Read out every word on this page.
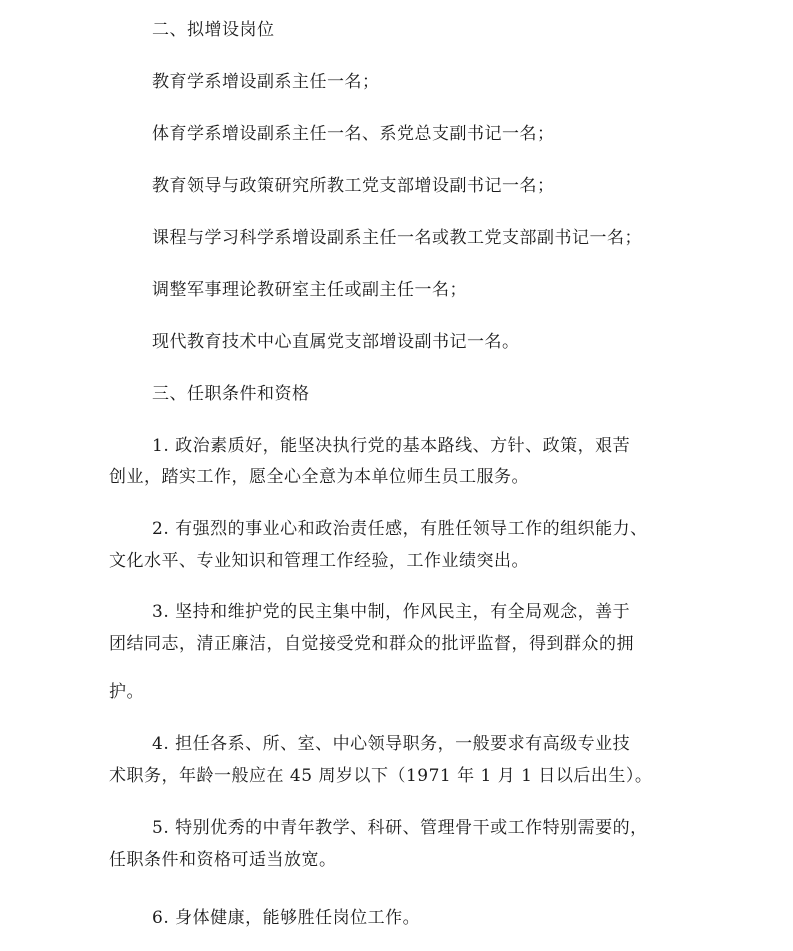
二、拟增设岗位
教育学系增设副系主任一名；
体育学系增设副系主任一名、系党总支副书记一名；
教育领导与政策研究所教工党支部增设副书记一名；
课程与学习科学系增设副系主任一名或教工党支部副书记一名；
调整军事理论教研室主任或副主任一名；
现代教育技术中心直属党支部增设副书记一名。
三、任职条件和资格
1. 政治素质好，能坚决执行党的基本路线、方针、政策，艰苦
创业，踏实工作，愿全心全意为本单位师生员工服务。
2. 有强烈的事业心和政治责任感，有胜任领导工作的组织能力、
文化水平、专业知识和管理工作经验，工作业绩突出。
3. 坚持和维护党的民主集中制，作风民主，有全局观念，善于
团结同志，清正廉洁，自觉接受党和群众的批评监督，得到群众的拥
护。
4. 担任各系、所、室、中心领导职务，一般要求有高级专业技
术职务，年龄一般应在 45 周岁以下（1971 年 1 月 1 日以后出生）。
5. 特别优秀的中青年教学、科研、管理骨干或工作特别需要的，
任职条件和资格可适当放宽。
6. 身体健康，能够胜任岗位工作。
